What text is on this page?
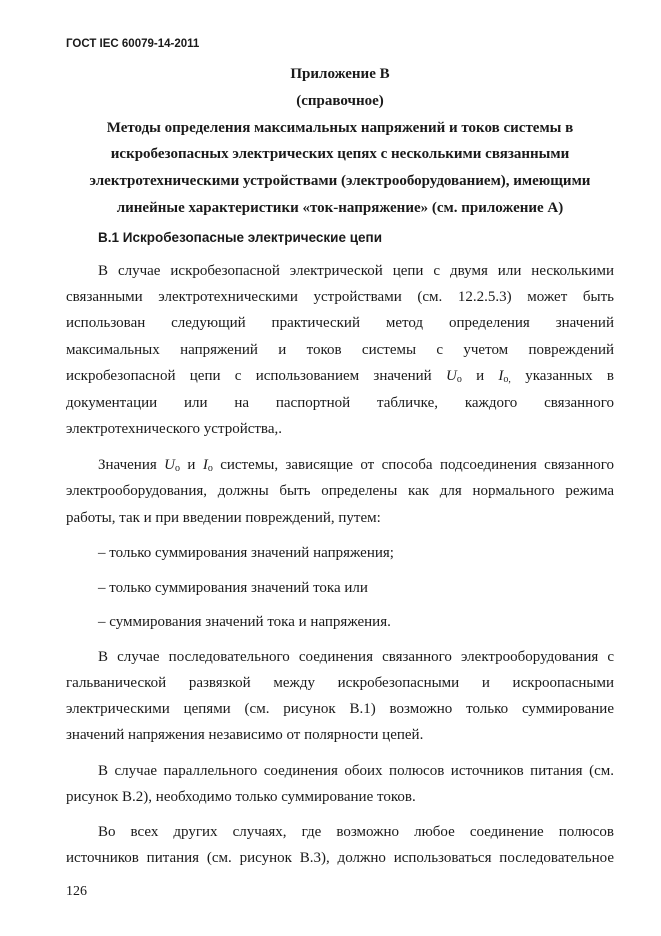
ГОСТ IEC 60079-14-2011
Приложение В
(справочное)
Методы определения максимальных напряжений и токов системы в
искробезопасных электрических цепях с несколькими связанными
электротехническими устройствами (электрооборудованием), имеющими
линейные характеристики «ток-напряжение» (см. приложение А)
В.1 Искробезопасные электрические цепи
В случае искробезопасной электрической цепи с двумя или несколькими
связанными электротехническими устройствами (см. 12.2.5.3) может быть
использован следующий практический метод определения значений
максимальных напряжений и токов системы с учетом повреждений
искробезопасной цепи с использованием значений $U_o$ и $I_{o,}$ указанных в
документации или на паспортной табличке, каждого связанного
электротехнического устройства,.
Значения $U_o$ и $I_o$ системы, зависящие от способа подсоединения связанного
электрооборудования, должны быть определены как для нормального режима
работы, так и при введении повреждений, путем:
– только суммирования значений напряжения;
– только суммирования значений тока или
– суммирования значений тока и напряжения.
В случае последовательного соединения связанного электрооборудования с
гальванической развязкой между искробезопасными и искроопасными
электрическими цепями (см. рисунок В.1) возможно только суммирование
значений напряжения независимо от полярности цепей.
В случае параллельного соединения обоих полюсов источников питания (см.
рисунок В.2), необходимо только суммирование токов.
Во всех других случаях, где возможно любое соединение полюсов
источников питания (см. рисунок В.3), должно использоваться последовательное
126
